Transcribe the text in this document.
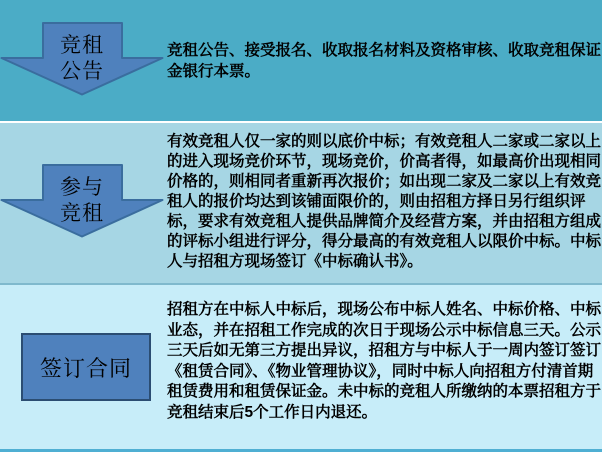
竞租
公告

竞租公告、接受报名、收取报名材料及资格审核、收取竞租保证金银行本票。

参与
竞租

有效竞租人仅一家的则以底价中标；有效竞租人二家或二家以上的进入现场竞价环节，现场竞价，价高者得，如最高价出现相同价格的，则相同者重新再次报价；如出现二家及二家以上有效竞租人的报价均达到该铺面限价的，则由招租方择日另行组织评标，要求有效竞租人提供品牌简介及经营方案，并由招租方组成的评标小组进行评分，得分最高的有效竞租人以限价中标。中标人与招租方现场签订《中标确认书》。

签订合同

招租方在中标人中标后，现场公布中标人姓名、中标价格、中标业态，并在招租工作完成的次日于现场公示中标信息三天。公示三天后如无第三方提出异议，招租方与中标人于一周内签订签订《租赁合同》、《物业管理协议》，同时中标人向招租方付清首期租赁费用和租赁保证金。未中标的竞租人所缴纳的本票招租方于竞租结束后5个工作日内退还。
